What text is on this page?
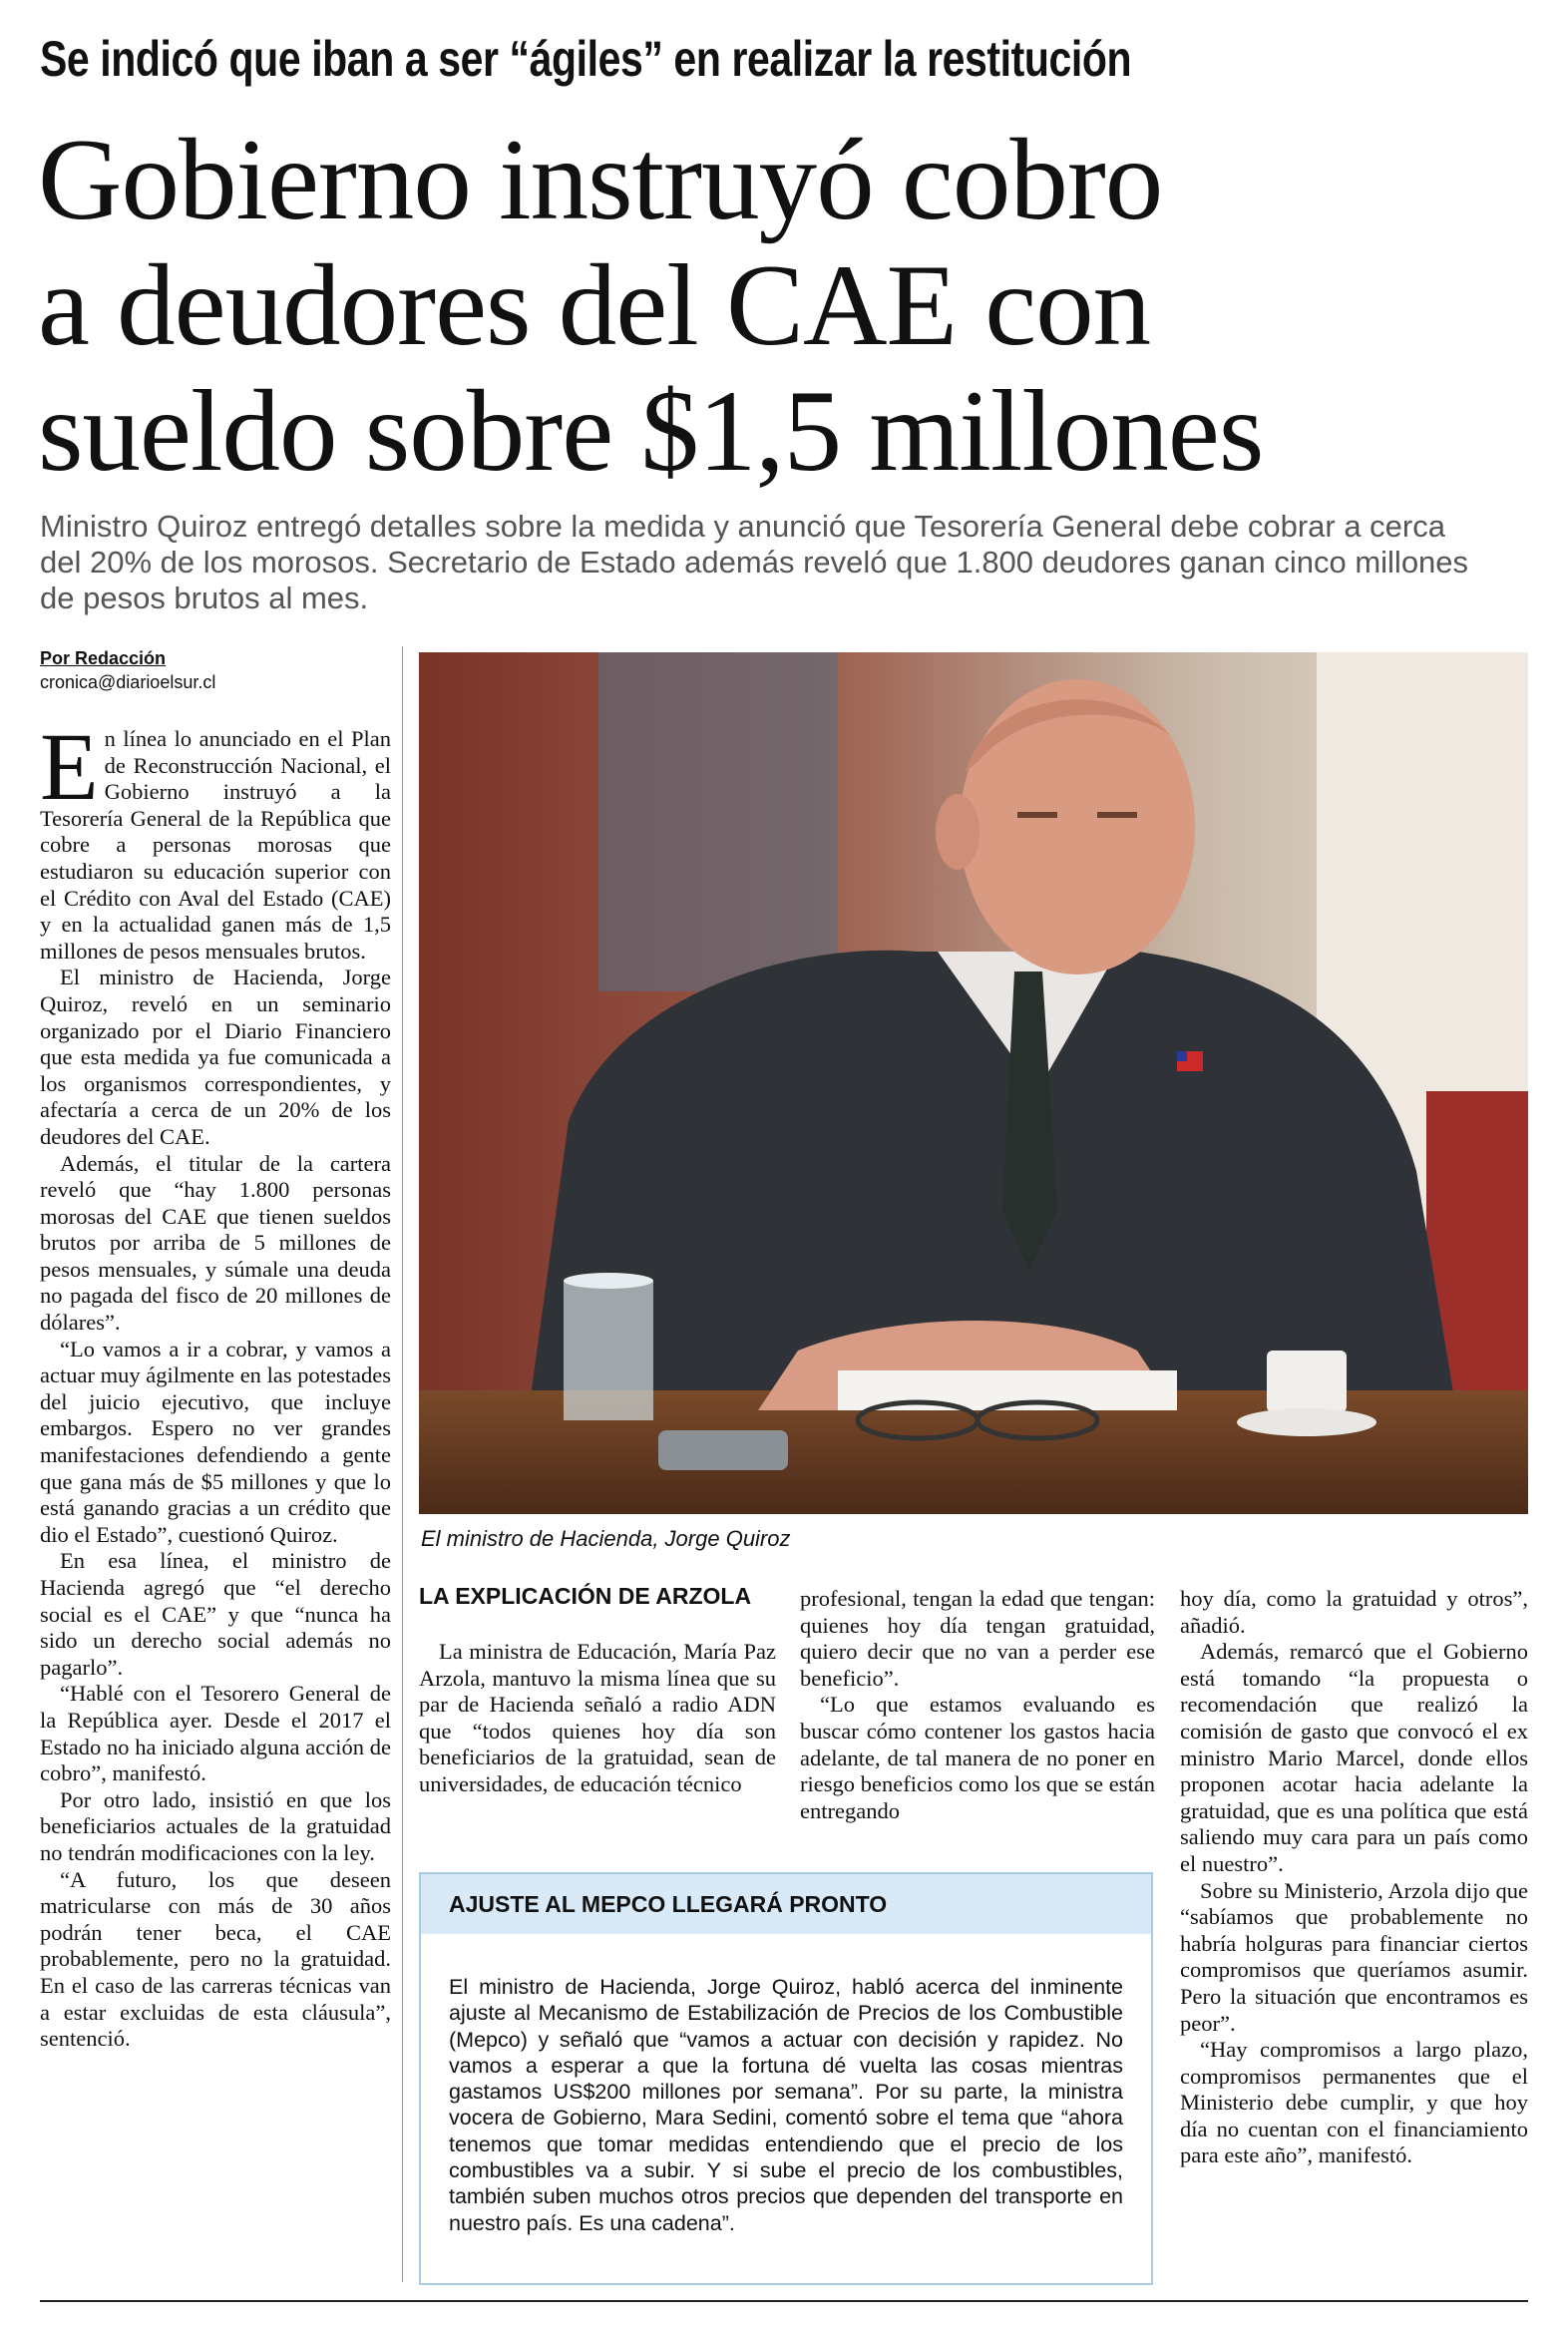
Se indicó que iban a ser “ágiles” en realizar la restitución
Gobierno instruyó cobro
a deudores del CAE con
sueldo sobre $1,5 millones
Ministro Quiroz entregó detalles sobre la medida y anunció que Tesorería General debe cobrar a cerca del 20% de los morosos. Secretario de Estado además reveló que 1.800 deudores ganan cinco millones de pesos brutos al mes.
Por Redacción
cronica@diarioelsur.cl

En línea lo anunciado en el Plan de Reconstrucción Nacional, el Gobierno instruyó a la Tesorería General de la República que cobre a personas morosas que estudiaron su educación superior con el Crédito con Aval del Estado (CAE) y en la actualidad ganen más de 1,5 millones de pesos mensuales brutos.

El ministro de Hacienda, Jorge Quiroz, reveló en un seminario organizado por el Diario Financiero que esta medida ya fue comunicada a los organismos correspondientes, y afectaría a cerca de un 20% de los deudores del CAE.

Además, el titular de la cartera reveló que “hay 1.800 personas morosas del CAE que tienen sueldos brutos por arriba de 5 millones de pesos mensuales, y súmale una deuda no pagada del fisco de 20 millones de dólares”.

“Lo vamos a ir a cobrar, y vamos a actuar muy ágilmente en las potestades del juicio ejecutivo, que incluye embargos. Espero no ver grandes manifestaciones defendiendo a gente que gana más de $5 millones y que lo está ganando gracias a un crédito que dio el Estado”, cuestionó Quiroz.

En esa línea, el ministro de Hacienda agregó que “el derecho social es el CAE” y que “nunca ha sido un derecho social además no pagarlo”.

“Hablé con el Tesorero General de la República ayer. Desde el 2017 el Estado no ha iniciado alguna acción de cobro”, manifestó.

Por otro lado, insistió en que los beneficiarios actuales de la gratuidad no tendrán modificaciones con la ley.

“A futuro, los que deseen matricularse con más de 30 años podrán tener beca, el CAE probablemente, pero no la gratuidad. En el caso de las carreras técnicas van a estar excluidas de esta cláusula”, sentenció.

El ministro de Hacienda, Jorge Quiroz
LA EXPLICACIÓN DE ARZOLA

La ministra de Educación, María Paz Arzola, mantuvo la misma línea que su par de Hacienda señaló a radio ADN que “todos quienes hoy día son beneficiarios de la gratuidad, sean de universidades, de educación técnico

profesional, tengan la edad que tengan: quienes hoy día tengan gratuidad, quiero decir que no van a perder ese beneficio”.

“Lo que estamos evaluando es buscar cómo contener los gastos hacia adelante, de tal manera de no poner en riesgo beneficios como los que se están entregando

hoy día, como la gratuidad y otros”, añadió.

Además, remarcó que el Gobierno está tomando “la propuesta o recomendación que realizó la comisión de gasto que convocó el ex ministro Mario Marcel, donde ellos proponen acotar hacia adelante la gratuidad, que es una política que está saliendo muy cara para un país como el nuestro”.

Sobre su Ministerio, Arzola dijo que “sabíamos que probablemente no habría holguras para financiar ciertos compromisos que queríamos asumir. Pero la situación que encontramos es peor”.

“Hay compromisos a largo plazo, compromisos permanentes que el Ministerio debe cumplir, y que hoy día no cuentan con el financiamiento para este año”, manifestó.

AJUSTE AL MEPCO LLEGARÁ PRONTO
El ministro de Hacienda, Jorge Quiroz, habló acerca del inminente ajuste al Mecanismo de Estabilización de Precios de los Combustible (Mepco) y señaló que “vamos a actuar con decisión y rapidez. No vamos a esperar a que la fortuna dé vuelta las cosas mientras gastamos US$200 millones por semana”. Por su parte, la ministra vocera de Gobierno, Mara Sedini, comentó sobre el tema que “ahora tenemos que tomar medidas entendiendo que el precio de los combustibles va a subir. Y si sube el precio de los combustibles, también suben muchos otros precios que dependen del transporte en nuestro país. Es una cadena”.
